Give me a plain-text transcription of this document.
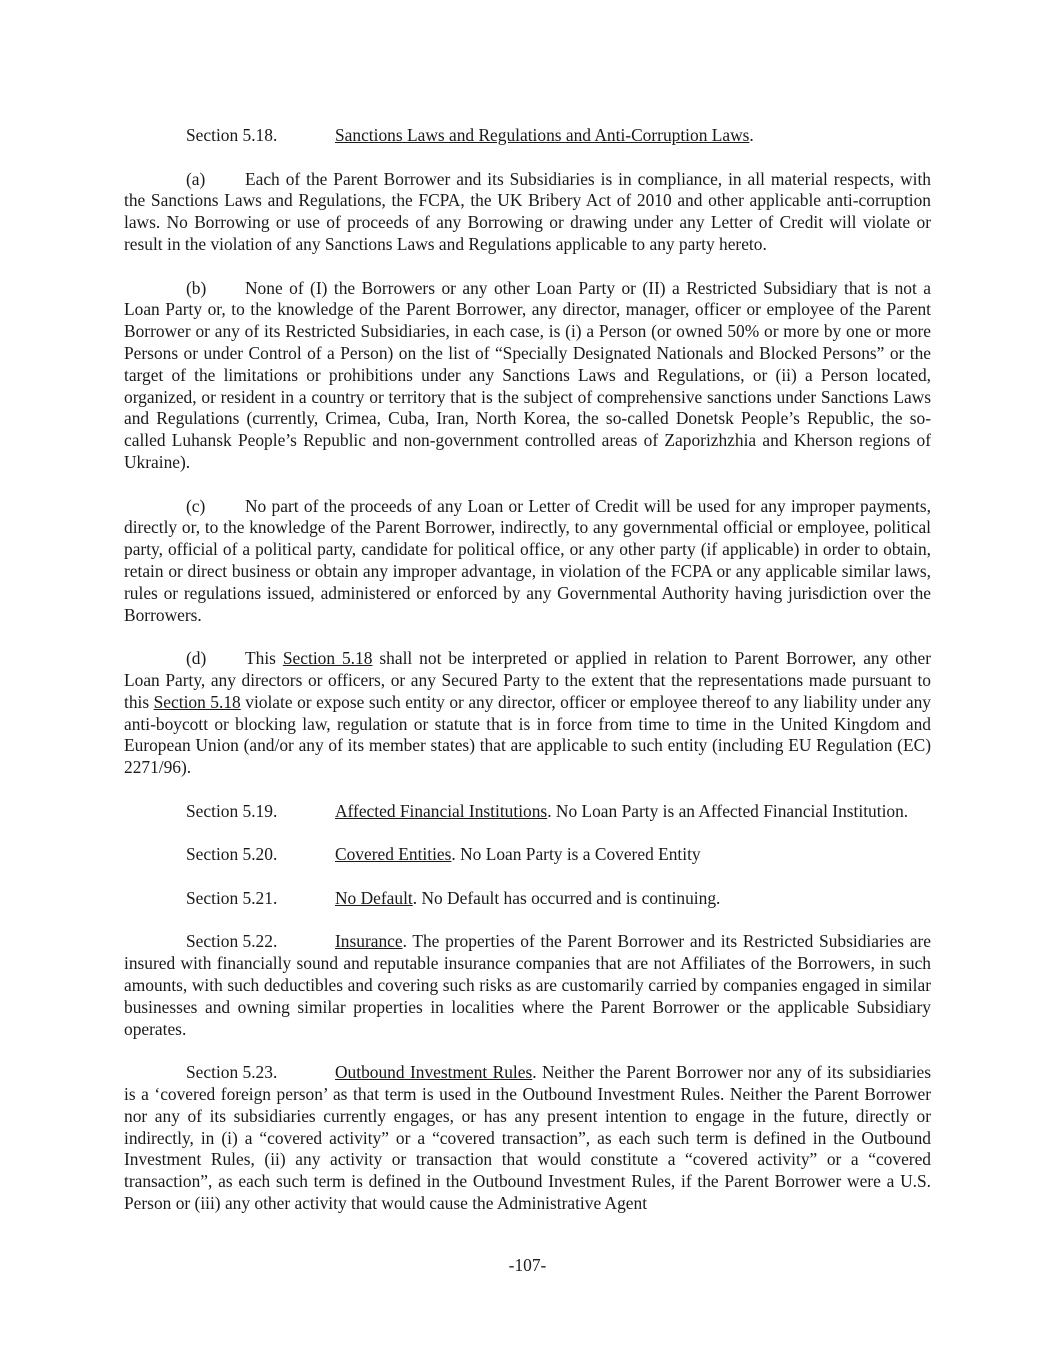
Section 5.18.	Sanctions Laws and Regulations and Anti-Corruption Laws.

(a) Each of the Parent Borrower and its Subsidiaries is in compliance, in all material respects, with the Sanctions Laws and Regulations, the FCPA, the UK Bribery Act of 2010 and other applicable anti-corruption laws. No Borrowing or use of proceeds of any Borrowing or drawing under any Letter of Credit will violate or result in the violation of any Sanctions Laws and Regulations applicable to any party hereto.

(b) None of (I) the Borrowers or any other Loan Party or (II) a Restricted Subsidiary that is not a Loan Party or, to the knowledge of the Parent Borrower, any director, manager, officer or employee of the Parent Borrower or any of its Restricted Subsidiaries, in each case, is (i) a Person (or owned 50% or more by one or more Persons or under Control of a Person) on the list of “Specially Designated Nationals and Blocked Persons” or the target of the limitations or prohibitions under any Sanctions Laws and Regulations, or (ii) a Person located, organized, or resident in a country or territory that is the subject of comprehensive sanctions under Sanctions Laws and Regulations (currently, Crimea, Cuba, Iran, North Korea, the so-called Donetsk People’s Republic, the so-called Luhansk People’s Republic and non-government controlled areas of Zaporizhzhia and Kherson regions of Ukraine).

(c) No part of the proceeds of any Loan or Letter of Credit will be used for any improper payments, directly or, to the knowledge of the Parent Borrower, indirectly, to any governmental official or employee, political party, official of a political party, candidate for political office, or any other party (if applicable) in order to obtain, retain or direct business or obtain any improper advantage, in violation of the FCPA or any applicable similar laws, rules or regulations issued, administered or enforced by any Governmental Authority having jurisdiction over the Borrowers.

(d) This Section 5.18 shall not be interpreted or applied in relation to Parent Borrower, any other Loan Party, any directors or officers, or any Secured Party to the extent that the representations made pursuant to this Section 5.18 violate or expose such entity or any director, officer or employee thereof to any liability under any anti-boycott or blocking law, regulation or statute that is in force from time to time in the United Kingdom and European Union (and/or any of its member states) that are applicable to such entity (including EU Regulation (EC) 2271/96).

Section 5.19.	Affected Financial Institutions. No Loan Party is an Affected Financial Institution.

Section 5.20.	Covered Entities. No Loan Party is a Covered Entity

Section 5.21.	No Default. No Default has occurred and is continuing.

Section 5.22.	Insurance. The properties of the Parent Borrower and its Restricted Subsidiaries are insured with financially sound and reputable insurance companies that are not Affiliates of the Borrowers, in such amounts, with such deductibles and covering such risks as are customarily carried by companies engaged in similar businesses and owning similar properties in localities where the Parent Borrower or the applicable Subsidiary operates.

Section 5.23.	Outbound Investment Rules. Neither the Parent Borrower nor any of its subsidiaries is a ‘covered foreign person’ as that term is used in the Outbound Investment Rules. Neither the Parent Borrower nor any of its subsidiaries currently engages, or has any present intention to engage in the future, directly or indirectly, in (i) a “covered activity” or a “covered transaction”, as each such term is defined in the Outbound Investment Rules, (ii) any activity or transaction that would constitute a “covered activity” or a “covered transaction”, as each such term is defined in the Outbound Investment Rules, if the Parent Borrower were a U.S. Person or (iii) any other activity that would cause the Administrative Agent

-107-
